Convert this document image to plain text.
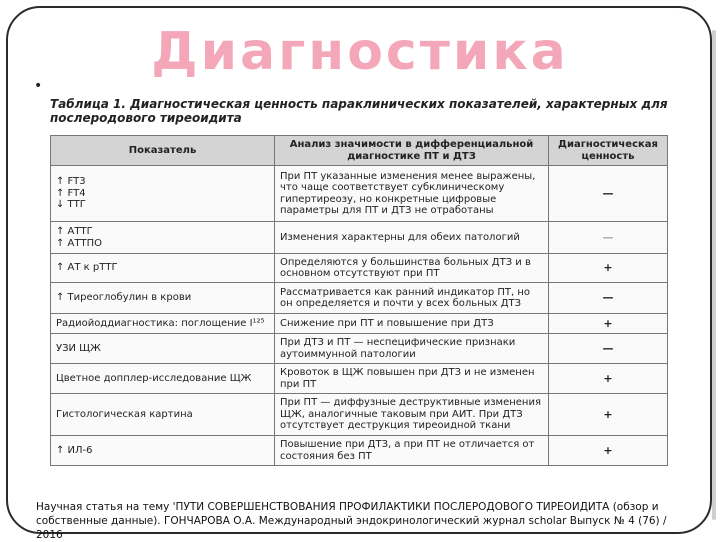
Диагностика
•
Таблица 1. Диагностическая ценность параклинических показателей, характерных для послеродового тиреоидита
Показатель	Анализ значимости в дифференциальной диагностике ПТ и ДТЗ	Диагностическая ценность

↑ FT3
↑ FT4
↓ ТТГ	При ПТ указанные изменения менее выражены, что чаще соответствует субклиническому гипертиреозу, но конкретные цифровые параметры для ПТ и ДТЗ не отработаны	—

↑ АТТГ
↑ АТТПО	Изменения характерны для обеих патологий	—
↑ АТ к рТТГ	Определяются у большинства больных ДТЗ и в основном отсутствуют при ПТ	+
↑ Тиреоглобулин в крови	Рассматривается как ранний индикатор ПТ, но он определяется и почти у всех больных ДТЗ	—
Радиойоддиагностика: поглощение I¹²⁵	Снижение при ПТ и повышение при ДТЗ	+
УЗИ ЩЖ	При ДТЗ и ПТ — неспецифические признаки аутоиммунной патологии	—
Цветное допплер-исследование ЩЖ	Кровоток в ЩЖ повышен при ДТЗ и не изменен при ПТ	+
Гистологическая картина	При ПТ — диффузные деструктивные изменения ЩЖ, аналогичные таковым при АИТ. При ДТЗ отсутствует деструкция тиреоидной ткани	+
↑ ИЛ-6	Повышение при ДТЗ, а при ПТ не отличается от состояния без ПТ	+
Научная статья на тему 'ПУТИ СОВЕРШЕНСТВОВАНИЯ ПРОФИЛАКТИКИ ПОСЛЕРОДОВОГО ТИРЕОИДИТА (обзор и собственные данные). ГОНЧАРОВА О.А. Международный эндокринологический журнал scholar Выпуск № 4 (76) / 2016
